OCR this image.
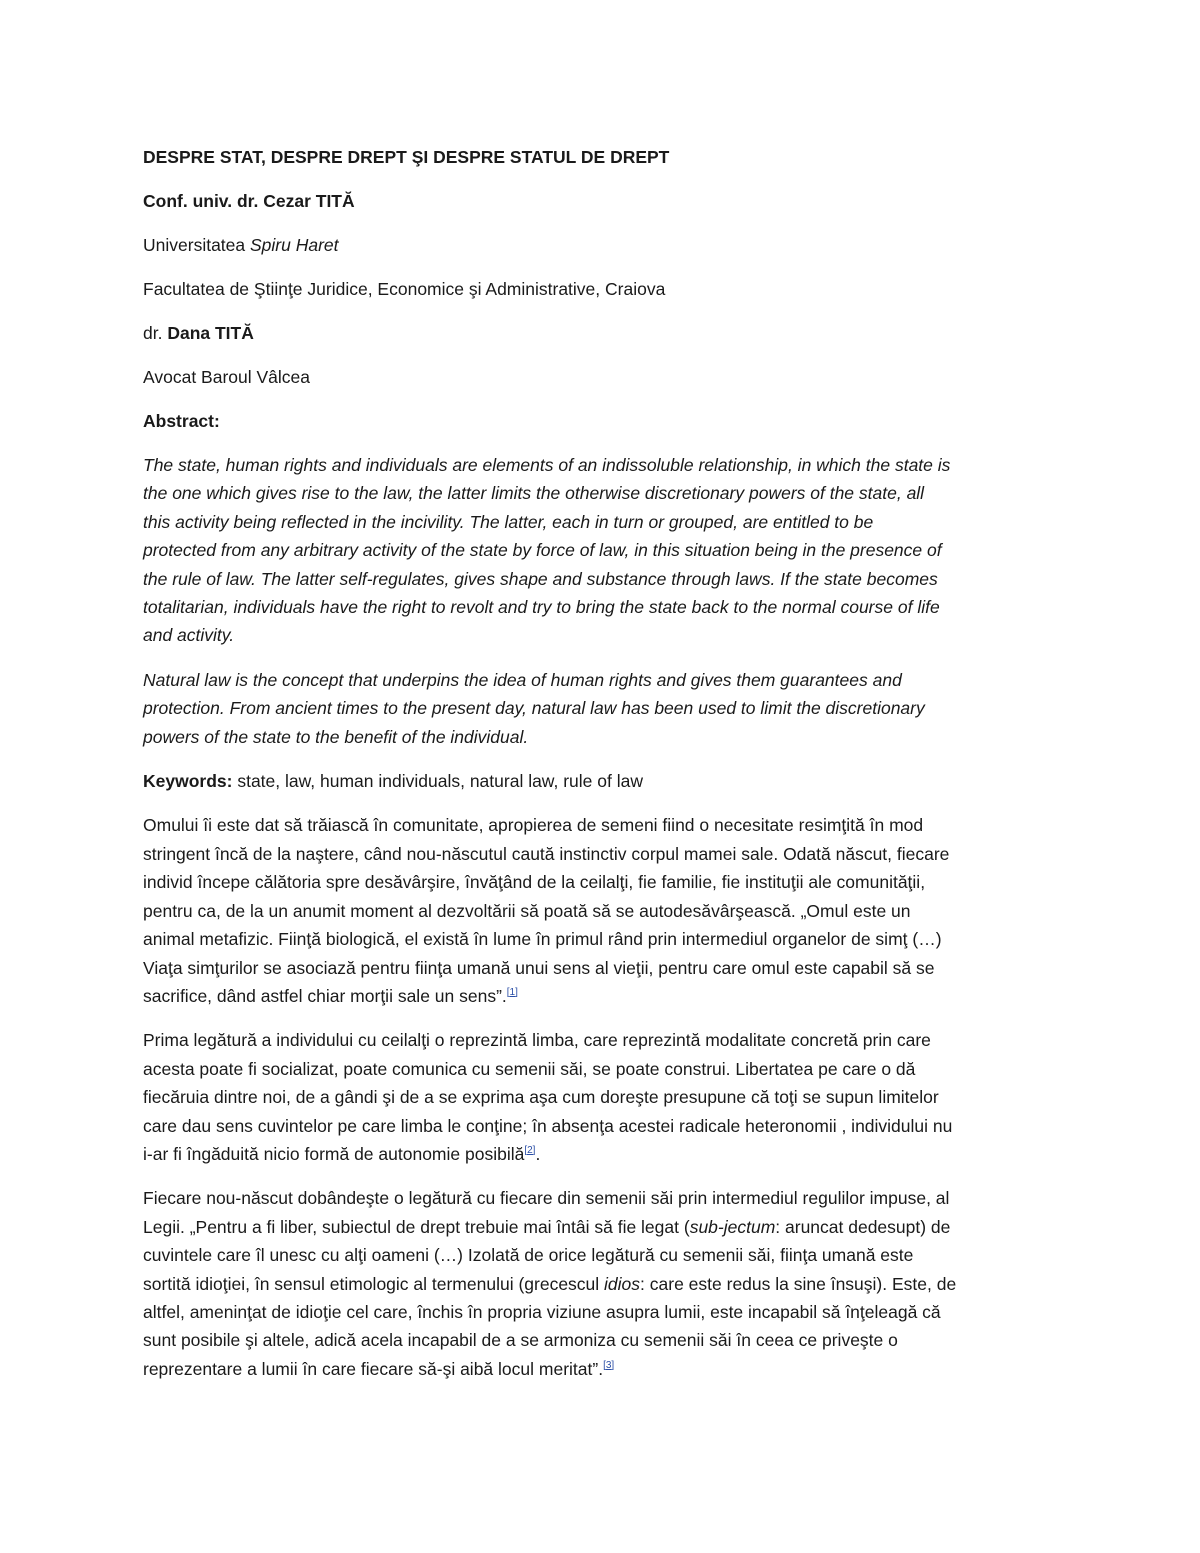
DESPRE STAT, DESPRE DREPT ŞI DESPRE STATUL DE DREPT

Conf. univ. dr. Cezar TITĂ

Universitatea Spiru Haret

Facultatea de Ştiinţe Juridice, Economice şi Administrative, Craiova

dr. Dana TITĂ

Avocat Baroul Vâlcea

Abstract:

The state, human rights and individuals are elements of an indissoluble relationship, in which the state is
the one which gives rise to the law, the latter limits the otherwise discretionary powers of the state, all
this activity being reflected in the incivility. The latter, each in turn or grouped, are entitled to be
protected from any arbitrary activity of the state by force of law, in this situation being in the presence of
the rule of law. The latter self-regulates, gives shape and substance through laws. If the state becomes
totalitarian, individuals have the right to revolt and try to bring the state back to the normal course of life
and activity.

Natural law is the concept that underpins the idea of human rights and gives them guarantees and
protection. From ancient times to the present day, natural law has been used to limit the discretionary
powers of the state to the benefit of the individual.

Keywords: state, law, human individuals, natural law, rule of law

Omului îi este dat să trăiască în comunitate, apropierea de semeni fiind o necesitate resimţită în mod
stringent încă de la naştere, când nou-născutul caută instinctiv corpul mamei sale. Odată născut, fiecare
individ începe călătoria spre desăvârşire, învăţând de la ceilalţi, fie familie, fie instituţii ale comunităţii,
pentru ca, de la un anumit moment al dezvoltării să poată să se autodesăvârşească. „Omul este un
animal metafizic. Fiinţă biologică, el există în lume în primul rând prin intermediul organelor de simţ (…)
Viaţa simţurilor se asociază pentru fiinţa umană unui sens al vieţii, pentru care omul este capabil să se
sacrifice, dând astfel chiar morţii sale un sens”.[1]

Prima legătură a individului cu ceilalţi o reprezintă limba, care reprezintă modalitate concretă prin care
acesta poate fi socializat, poate comunica cu semenii săi, se poate construi. Libertatea pe care o dă
fiecăruia dintre noi, de a gândi şi de a se exprima aşa cum doreşte presupune că toţi se supun limitelor
care dau sens cuvintelor pe care limba le conţine; în absenţa acestei radicale heteronomii , individului nu
i-ar fi îngăduită nicio formă de autonomie posibilă[2].

Fiecare nou-născut dobândeşte o legătură cu fiecare din semenii săi prin intermediul regulilor impuse, al
Legii. „Pentru a fi liber, subiectul de drept trebuie mai întâi să fie legat (sub-jectum: aruncat dedesupt) de
cuvintele care îl unesc cu alţi oameni (…) Izolată de orice legătură cu semenii săi, fiinţa umană este
sortită idioţiei, în sensul etimologic al termenului (grecescul idios: care este redus la sine însuşi). Este, de
altfel, ameninţat de idioţie cel care, închis în propria viziune asupra lumii, este incapabil să înţeleagă că
sunt posibile şi altele, adică acela incapabil de a se armoniza cu semenii săi în ceea ce priveşte o
reprezentare a lumii în care fiecare să-şi aibă locul meritat”.[3]
